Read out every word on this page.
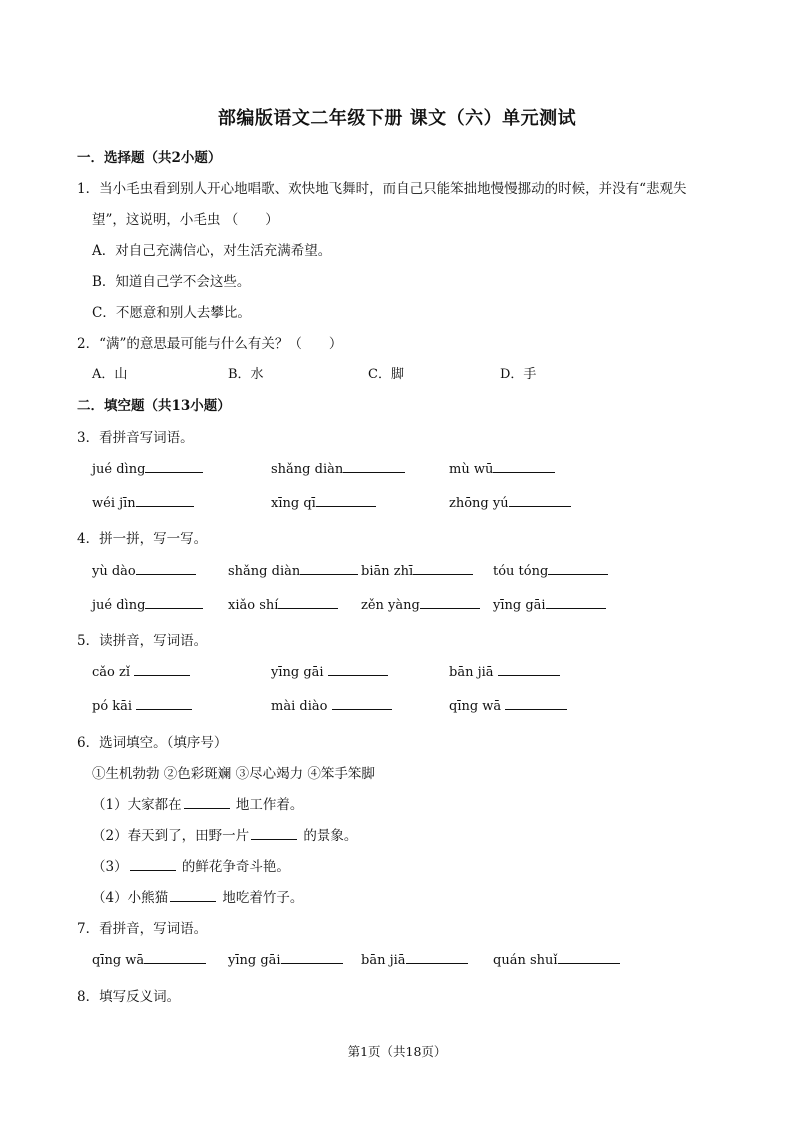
部编版语文二年级下册 课文（六）单元测试
一．选择题（共2小题）
1．当小毛虫看到别人开心地唱歌、欢快地飞舞时，而自己只能笨拙地慢慢挪动的时候，并没有“悲观失
望”，这说明，小毛虫 （　　）
A．对自己充满信心，对生活充满希望。
B．知道自己学不会这些。
C．不愿意和别人去攀比。
2．“满”的意思最可能与什么有关？（　　）
A．山	B．水	C．脚	D．手
二．填空题（共13小题）
3．看拼音写词语。
jué dìng	shǎng diàn	mù wū
wéi jīn	xīng qī	zhōng yú
4．拼一拼，写一写。
yù dào	shǎng diàn	biān zhī	tóu tóng
jué dìng	xiǎo shí	zěn yàng	yīng gāi
5．读拼音，写词语。
cǎo zǐ	yīng gāi	bān jiā
pó kāi	mài diào	qīng wā
6．选词填空。（填序号）
①生机勃勃 ②色彩斑斓 ③尽心竭力 ④笨手笨脚
（1）大家都在	地工作着。
（2）春天到了，田野一片	的景象。
（3）	的鲜花争奇斗艳。
（4）小熊猫	地吃着竹子。
7．看拼音，写词语。
qīng wā	yīng gāi	bān jiā	quán shuǐ
8．填写反义词。
第1页（共18页）
